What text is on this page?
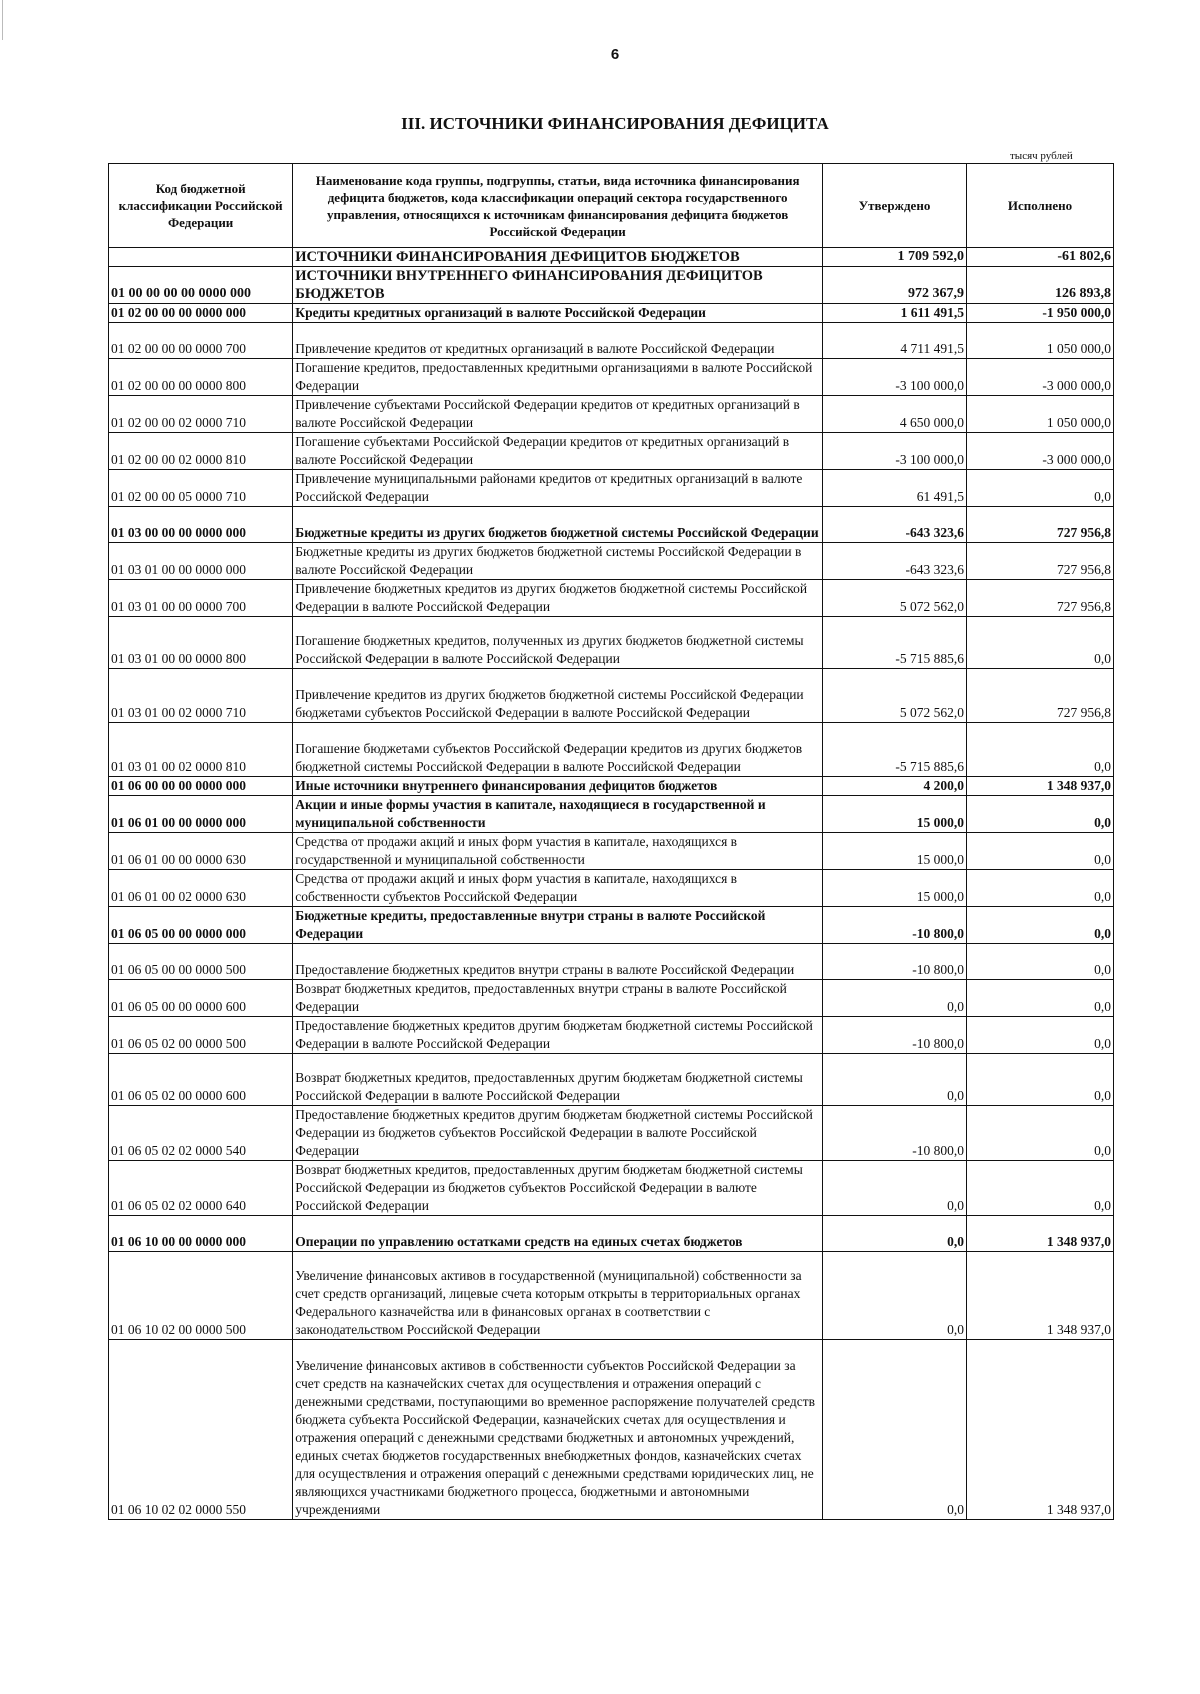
6
III. ИСТОЧНИКИ ФИНАНСИРОВАНИЯ ДЕФИЦИТА
тысяч рублей
Код бюджетной классификации Российской Федерации	Наименование кода группы, подгруппы, статьи, вида источника финансирования дефицита бюджетов, кода классификации операций сектора государственного управления, относящихся к источникам финансирования дефицита бюджетов Российской Федерации	Утверждено	Исполнено
	ИСТОЧНИКИ ФИНАНСИРОВАНИЯ ДЕФИЦИТОВ БЮДЖЕТОВ	1 709 592,0	-61 802,6
01 00 00 00 00 0000 000	ИСТОЧНИКИ ВНУТРЕННЕГО ФИНАНСИРОВАНИЯ ДЕФИЦИТОВ БЮДЖЕТОВ	972 367,9	126 893,8
01 02 00 00 00 0000 000	Кредиты кредитных организаций в валюте Российской Федерации	1 611 491,5	-1 950 000,0
01 02 00 00 00 0000 700	Привлечение кредитов от кредитных организаций в валюте Российской Федерации	4 711 491,5	1 050 000,0
01 02 00 00 00 0000 800	Погашение кредитов, предоставленных кредитными организациями в валюте Российской Федерации	-3 100 000,0	-3 000 000,0
01 02 00 00 02 0000 710	Привлечение субъектами Российской Федерации кредитов от кредитных организаций в валюте Российской Федерации	4 650 000,0	1 050 000,0
01 02 00 00 02 0000 810	Погашение субъектами Российской Федерации кредитов от кредитных организаций в валюте Российской Федерации	-3 100 000,0	-3 000 000,0
01 02 00 00 05 0000 710	Привлечение муниципальными районами кредитов от кредитных организаций в валюте Российской Федерации	61 491,5	0,0
01 03 00 00 00 0000 000	Бюджетные кредиты из других бюджетов бюджетной системы Российской Федерации	-643 323,6	727 956,8
01 03 01 00 00 0000 000	Бюджетные кредиты из других бюджетов бюджетной системы Российской Федерации в валюте Российской Федерации	-643 323,6	727 956,8
01 03 01 00 00 0000 700	Привлечение бюджетных кредитов из других бюджетов бюджетной системы Российской Федерации в валюте Российской Федерации	5 072 562,0	727 956,8
01 03 01 00 00 0000 800	Погашение бюджетных кредитов, полученных из других бюджетов бюджетной системы Российской Федерации в валюте Российской Федерации	-5 715 885,6	0,0
01 03 01 00 02 0000 710	Привлечение кредитов из других бюджетов бюджетной системы Российской Федерации бюджетами субъектов Российской Федерации в валюте Российской Федерации	5 072 562,0	727 956,8
01 03 01 00 02 0000 810	Погашение бюджетами субъектов Российской Федерации кредитов из других бюджетов бюджетной системы Российской Федерации в валюте Российской Федерации	-5 715 885,6	0,0
01 06 00 00 00 0000 000	Иные источники внутреннего финансирования дефицитов бюджетов	4 200,0	1 348 937,0
01 06 01 00 00 0000 000	Акции и иные формы участия в капитале, находящиеся в государственной и муниципальной собственности	15 000,0	0,0
01 06 01 00 00 0000 630	Средства от продажи акций и иных форм участия в капитале, находящихся в государственной и муниципальной собственности	15 000,0	0,0
01 06 01 00 02 0000 630	Средства от продажи акций и иных форм участия в капитале, находящихся в собственности субъектов Российской Федерации	15 000,0	0,0
01 06 05 00 00 0000 000	Бюджетные кредиты, предоставленные внутри страны в валюте Российской Федерации	-10 800,0	0,0
01 06 05 00 00 0000 500	Предоставление бюджетных кредитов внутри страны в валюте Российской Федерации	-10 800,0	0,0
01 06 05 00 00 0000 600	Возврат бюджетных кредитов, предоставленных внутри страны в валюте Российской Федерации	0,0	0,0
01 06 05 02 00 0000 500	Предоставление бюджетных кредитов другим бюджетам бюджетной системы Российской Федерации в валюте Российской Федерации	-10 800,0	0,0
01 06 05 02 00 0000 600	Возврат бюджетных кредитов, предоставленных другим бюджетам бюджетной системы Российской Федерации в валюте Российской Федерации	0,0	0,0
01 06 05 02 02 0000 540	Предоставление бюджетных кредитов другим бюджетам бюджетной системы Российской Федерации из бюджетов субъектов Российской Федерации в валюте Российской Федерации	-10 800,0	0,0
01 06 05 02 02 0000 640	Возврат бюджетных кредитов, предоставленных другим бюджетам бюджетной системы Российской Федерации из бюджетов субъектов Российской Федерации в валюте Российской Федерации	0,0	0,0
01 06 10 00 00 0000 000	Операции по управлению остатками средств на единых счетах бюджетов	0,0	1 348 937,0
01 06 10 02 00 0000 500	Увеличение финансовых активов в государственной (муниципальной) собственности за счет средств организаций, лицевые счета которым открыты в территориальных органах Федерального казначейства или в финансовых органах в соответствии с законодательством Российской Федерации	0,0	1 348 937,0
01 06 10 02 02 0000 550	Увеличение финансовых активов в собственности субъектов Российской Федерации за счет средств на казначейских счетах для осуществления и отражения операций с денежными средствами, поступающими во временное распоряжение получателей средств бюджета субъекта Российской Федерации, казначейских счетах для осуществления и отражения операций с денежными средствами бюджетных и автономных учреждений, единых счетах бюджетов государственных внебюджетных фондов, казначейских счетах для осуществления и отражения операций с денежными средствами юридических лиц, не являющихся участниками бюджетного процесса, бюджетными и автономными учреждениями	0,0	1 348 937,0
